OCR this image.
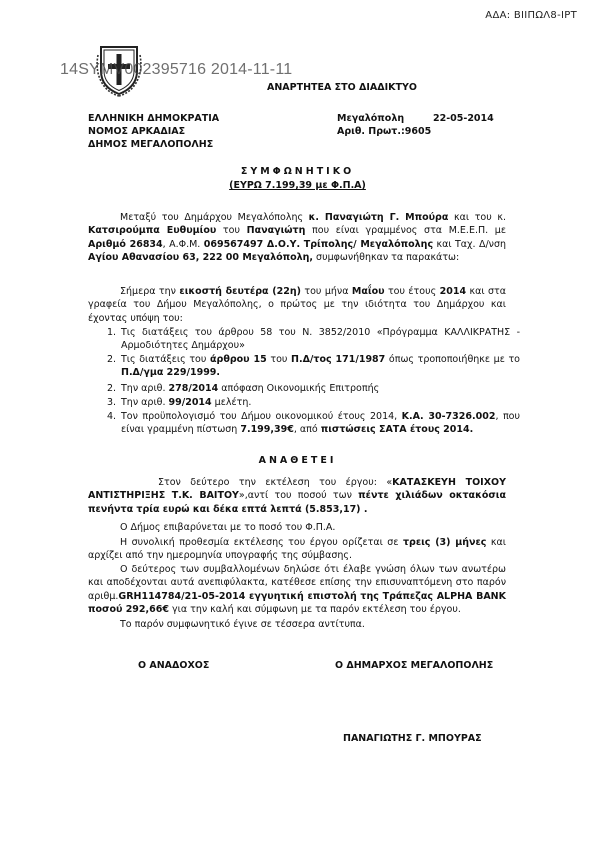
ΑΔΑ: ΒΙΙΠΩΛ8-ΙΡΤ
14SYMV002395716 2014-11-11
ΑΝΑΡΤΗΤΕΑ ΣΤΟ ΔΙΑΔΙΚΤΥΟ
ΕΛΛΗΝΙΚΗ ΔΗΜΟΚΡΑΤΙΑ
ΝΟΜΟΣ ΑΡΚΑΔΙΑΣ
ΔΗΜΟΣ ΜΕΓΑΛΟΠΟΛΗΣ
Μεγαλόπολη	22-05-2014
Αριθ. Πρωτ.: 9605
ΣΥΜΦΩΝΗΤΙΚΟ
(ΕΥΡΩ 7.199,39 με Φ.Π.Α)
Μεταξύ του Δημάρχου Μεγαλόπολης κ. Παναγιώτη Γ. Μπούρα και του κ. Κατσιρούμπα Ευθυμίου του Παναγιώτη που είναι γραμμένος στα Μ.Ε.Ε.Π. με Αριθμό 26834, Α.Φ.Μ. 069567497 Δ.Ο.Υ. Τρίπολης/ Μεγαλόπολης και Ταχ. Δ/νση Αγίου Αθανασίου 63, 222 00 Μεγαλόπολη, συμφωνήθηκαν τα παρακάτω:
Σήμερα την εικοστή δευτέρα (22η) του μήνα Μαΐου του έτους 2014 και στα γραφεία του Δήμου Μεγαλόπολης, ο πρώτος με την ιδιότητα του Δημάρχου και έχοντας υπόψη του:
1. Τις διατάξεις του άρθρου 58 του Ν. 3852/2010 «Πρόγραμμα ΚΑΛΛΙΚΡΑΤΗΣ - Αρμοδιότητες Δημάρχου»
2. Τις διατάξεις του άρθρου 15 του Π.Δ/τος 171/1987 όπως τροποποιήθηκε με το Π.Δ/γμα 229/1999.
2. Την αριθ. 278/2014 απόφαση Οικονομικής Επιτροπής
3. Την αριθ. 99/2014 μελέτη.
4. Τον προϋπολογισμό του Δήμου οικονομικού έτους 2014, Κ.Α. 30-7326.002, που είναι γραμμένη πίστωση 7.199,39€, από πιστώσεις ΣΑΤΑ έτους 2014.
ΑΝΑΘΕΤΕΙ
Στον δεύτερο την εκτέλεση του έργου: «ΚΑΤΑΣΚΕΥΗ ΤΟΙΧΟΥ ΑΝΤΙΣΤΗΡΙΞΗΣ Τ.Κ. ΒΑΙΤΟΥ»,αντί του ποσού των πέντε χιλιάδων οκτακόσια πενήντα τρία ευρώ και δέκα επτά λεπτά (5.853,17) .
Ο Δήμος επιβαρύνεται με το ποσό του Φ.Π.Α.
Η συνολική προθεσμία εκτέλεσης του έργου ορίζεται σε τρεις (3) μήνες και αρχίζει από την ημερομηνία υπογραφής της σύμβασης.
Ο δεύτερος των συμβαλλομένων δηλώσε ότι έλαβε γνώση όλων των ανωτέρω και αποδέχονται αυτά ανεπιφύλακτα, κατέθεσε επίσης την επισυναπτόμενη στο παρόν αριθμ.GRH114784/21-05-2014 εγγυητική επιστολή της Τράπεζας ALPHA BANK ποσού 292,66€ για την καλή και σύμφωνη με τα παρόν εκτέλεση του έργου.
Το παρόν συμφωνητικό έγινε σε τέσσερα αντίτυπα.
Ο ΑΝΑΔΟΧΟΣ	Ο ΔΗΜΑΡΧΟΣ ΜΕΓΑΛΟΠΟΛΗΣ
ΠΑΝΑΓΙΩΤΗΣ Γ. ΜΠΟΥΡΑΣ
